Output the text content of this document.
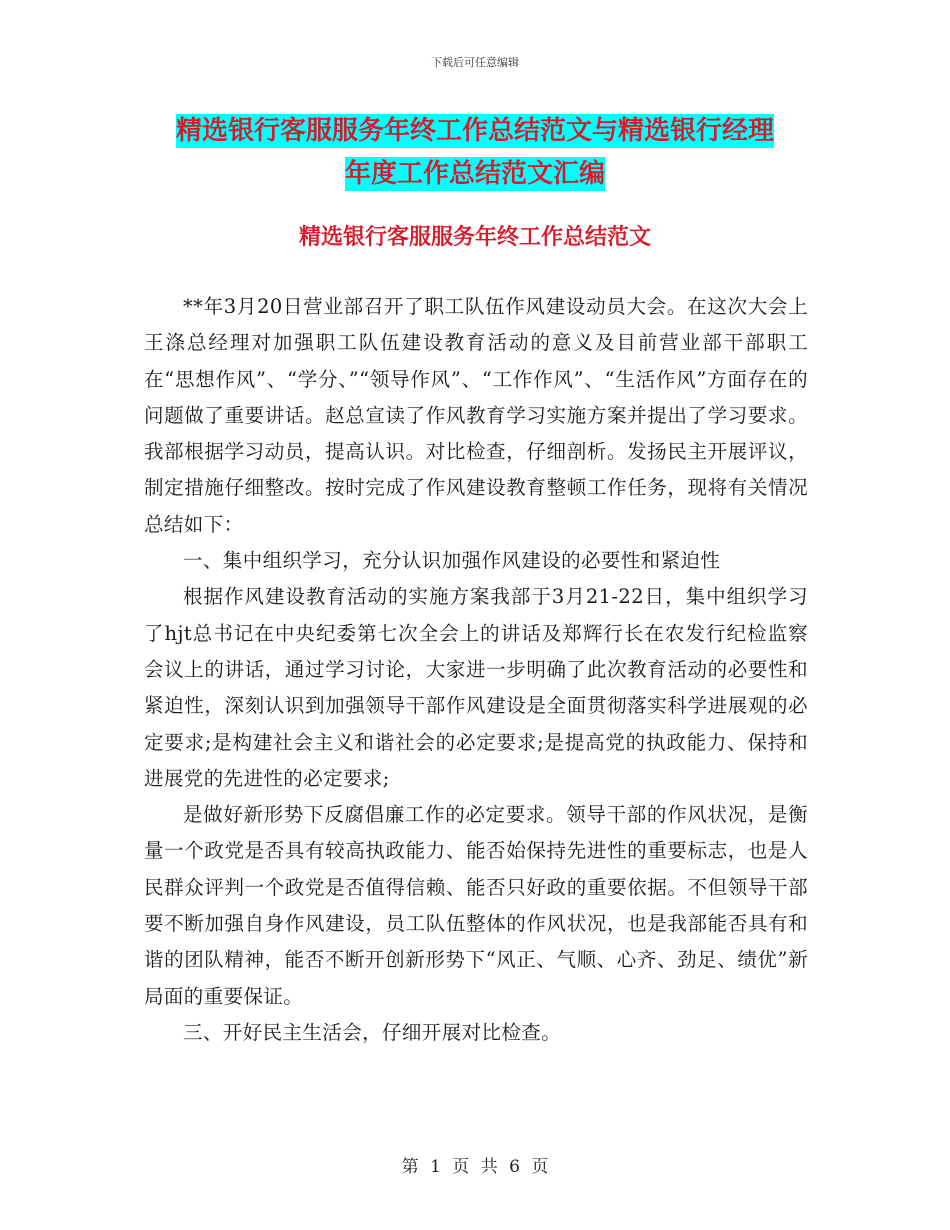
下载后可任意编辑
精选银行客服服务年终工作总结范文与精选银行经理
年度工作总结范文汇编
精选银行客服服务年终工作总结范文

**年3月20日营业部召开了职工队伍作风建设动员大会。在这次大会上王涤总经理对加强职工队伍建设教育活动的意义及目前营业部干部职工在“思想作风”、“学分、”“领导作风”、“工作作风”、“生活作风”方面存在的问题做了重要讲话。赵总宣读了作风教育学习实施方案并提出了学习要求。我部根据学习动员，提高认识。对比检查，仔细剖析。发扬民主开展评议，制定措施仔细整改。按时完成了作风建设教育整顿工作任务，现将有关情况总结如下：

一、集中组织学习，充分认识加强作风建设的必要性和紧迫性

根据作风建设教育活动的实施方案我部于3月21-22日，集中组织学习了hjt总书记在中央纪委第七次全会上的讲话及郑辉行长在农发行纪检监察会议上的讲话，通过学习讨论，大家进一步明确了此次教育活动的必要性和紧迫性，深刻认识到加强领导干部作风建设是全面贯彻落实科学进展观的必定要求;是构建社会主义和谐社会的必定要求;是提高党的执政能力、保持和进展党的先进性的必定要求;

是做好新形势下反腐倡廉工作的必定要求。领导干部的作风状况，是衡量一个政党是否具有较高执政能力、能否始保持先进性的重要标志，也是人民群众评判一个政党是否值得信赖、能否只好政的重要依据。不但领导干部要不断加强自身作风建设，员工队伍整体的作风状况，也是我部能否具有和谐的团队精神，能否不断开创新形势下“风正、气顺、心齐、劲足、绩优”新局面的重要保证。

三、开好民主生活会，仔细开展对比检查。

第 1 页 共 6 页
